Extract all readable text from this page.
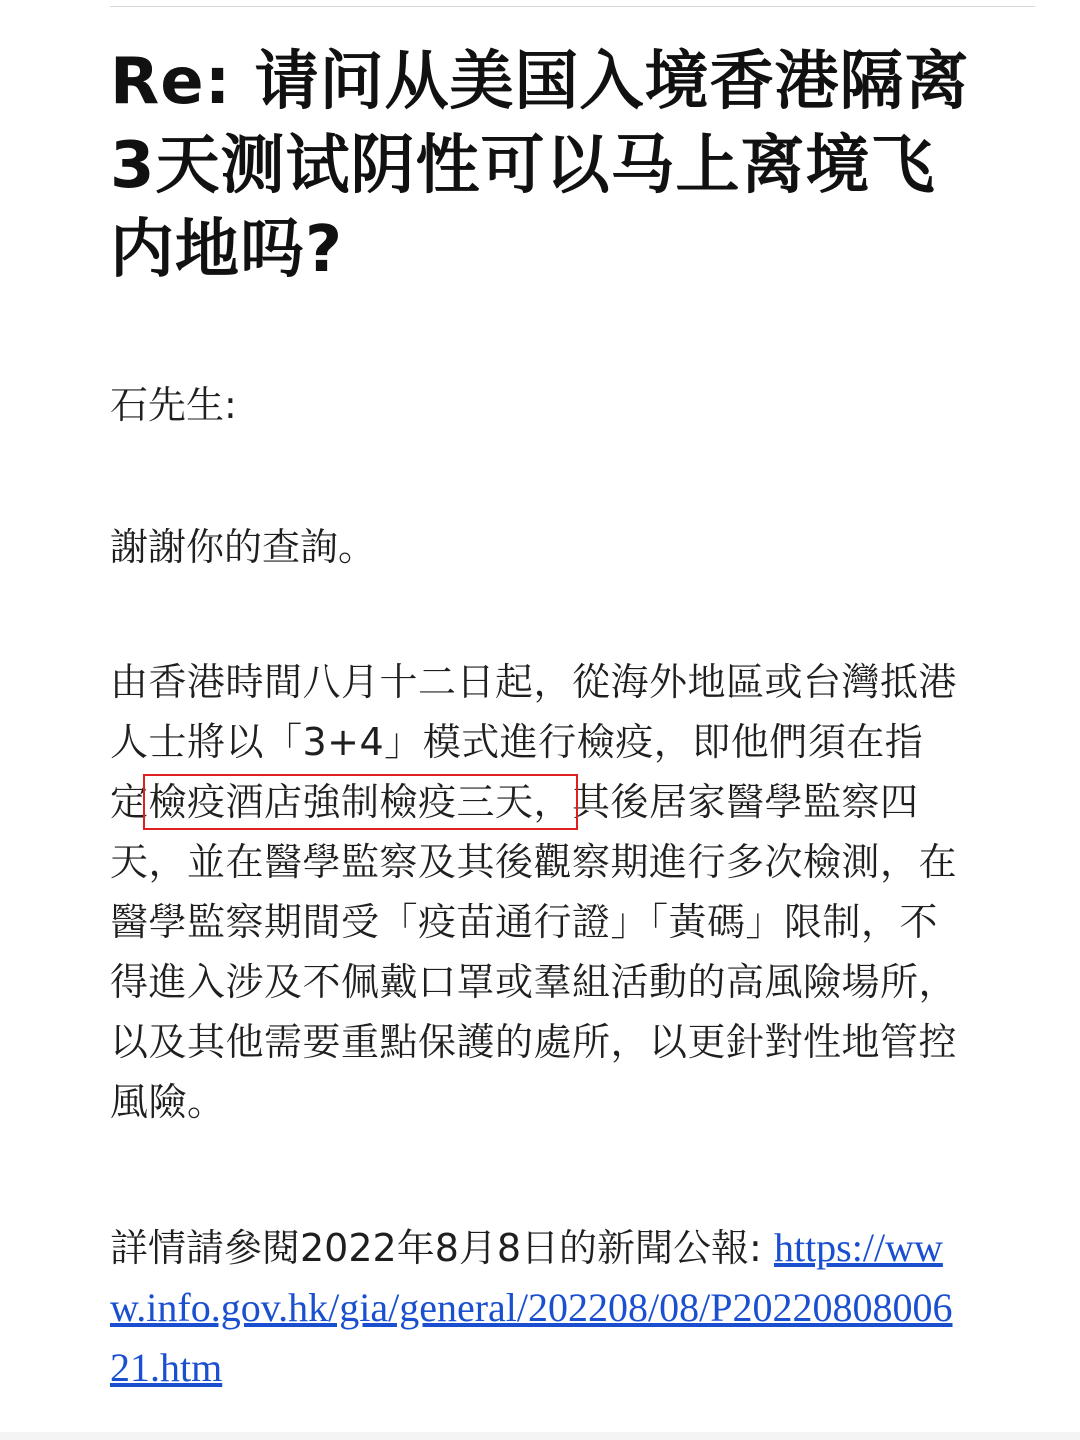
Re: 请问从美国入境香港隔离3天测试阴性可以马上离境飞内地吗?

石先生:

謝謝你的查詢。

由香港時間八月十二日起，從海外地區或台灣抵港人士將以「3+4」模式進行檢疫，即他們須在指定檢疫酒店強制檢疫三天，其後居家醫學監察四天，並在醫學監察及其後觀察期進行多次檢測，在醫學監察期間受「疫苗通行證」「黃碼」限制，不得進入涉及不佩戴口罩或羣組活動的高風險場所，以及其他需要重點保護的處所，以更針對性地管控風險。

詳情請參閱2022年8月8日的新聞公報: https://www.info.gov.hk/gia/general/202208/08/P2022080800621.htm
